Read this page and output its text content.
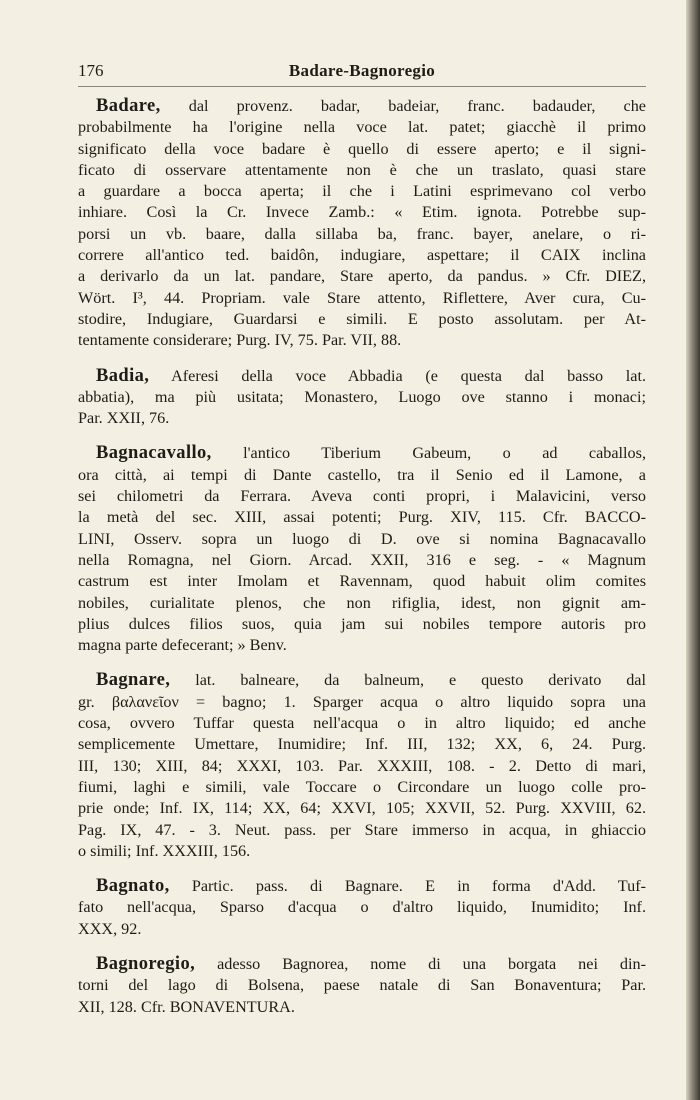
176	Badare-Bagnoregio
Badare, dal provenz. badar, badeiar, franc. badauder, che
probabilmente ha l'origine nella voce lat. patet; giacchè il primo
significato della voce badare è quello di essere aperto; e il signi-
ficato di osservare attentamente non è che un traslato, quasi stare
a guardare a bocca aperta; il che i Latini esprimevano col verbo
inhiare. Così la Cr. Invece Zamb.: « Etim. ignota. Potrebbe sup-
porsi un vb. baare, dalla sillaba ba, franc. bayer, anelare, o ri-
correre all'antico ted. baidôn, indugiare, aspettare; il CAIX inclina
a derivarlo da un lat. pandare, Stare aperto, da pandus. » Cfr. DIEZ,
Wört. I³, 44. Propriam. vale Stare attento, Riflettere, Aver cura, Cu-
stodire, Indugiare, Guardarsi e simili. E posto assolutam. per At-
tentamente considerare; Purg. IV, 75. Par. VII, 88.
Badia, Aferesi della voce Abbadia (e questa dal basso lat.
abbatia), ma più usitata; Monastero, Luogo ove stanno i monaci;
Par. XXII, 76.
Bagnacavallo, l'antico Tiberium Gabeum, o ad caballos,
ora città, ai tempi di Dante castello, tra il Senio ed il Lamone, a
sei chilometri da Ferrara. Aveva conti propri, i Malavicini, verso
la metà del sec. XIII, assai potenti; Purg. XIV, 115. Cfr. BACCO-
LINI, Osserv. sopra un luogo di D. ove si nomina Bagnacavallo
nella Romagna, nel Giorn. Arcad. XXII, 316 e seg. - « Magnum
castrum est inter Imolam et Ravennam, quod habuit olim comites
nobiles, curialitate plenos, che non rifiglia, idest, non gignit am-
plius dulces filios suos, quia jam sui nobiles tempore autoris pro
magna parte defecerant; » Benv.
Bagnare, lat. balneare, da balneum, e questo derivato dal
gr. βαλανεῖον = bagno; 1. Sparger acqua o altro liquido sopra una
cosa, ovvero Tuffar questa nell'acqua o in altro liquido; ed anche
semplicemente Umettare, Inumidire; Inf. III, 132; XX, 6, 24. Purg.
III, 130; XIII, 84; XXXI, 103. Par. XXXIII, 108. - 2. Detto di mari,
fiumi, laghi e simili, vale Toccare o Circondare un luogo colle pro-
prie onde; Inf. IX, 114; XX, 64; XXVI, 105; XXVII, 52. Purg. XXVIII, 62.
Pag. IX, 47. - 3. Neut. pass. per Stare immerso in acqua, in ghiaccio
o simili; Inf. XXXIII, 156.
Bagnato, Partic. pass. di Bagnare. E in forma d'Add. Tuf-
fato nell'acqua, Sparso d'acqua o d'altro liquido, Inumidito; Inf.
XXX, 92.
Bagnoregio, adesso Bagnorea, nome di una borgata nei din-
torni del lago di Bolsena, paese natale di San Bonaventura; Par.
XII, 128. Cfr. BONAVENTURA.
